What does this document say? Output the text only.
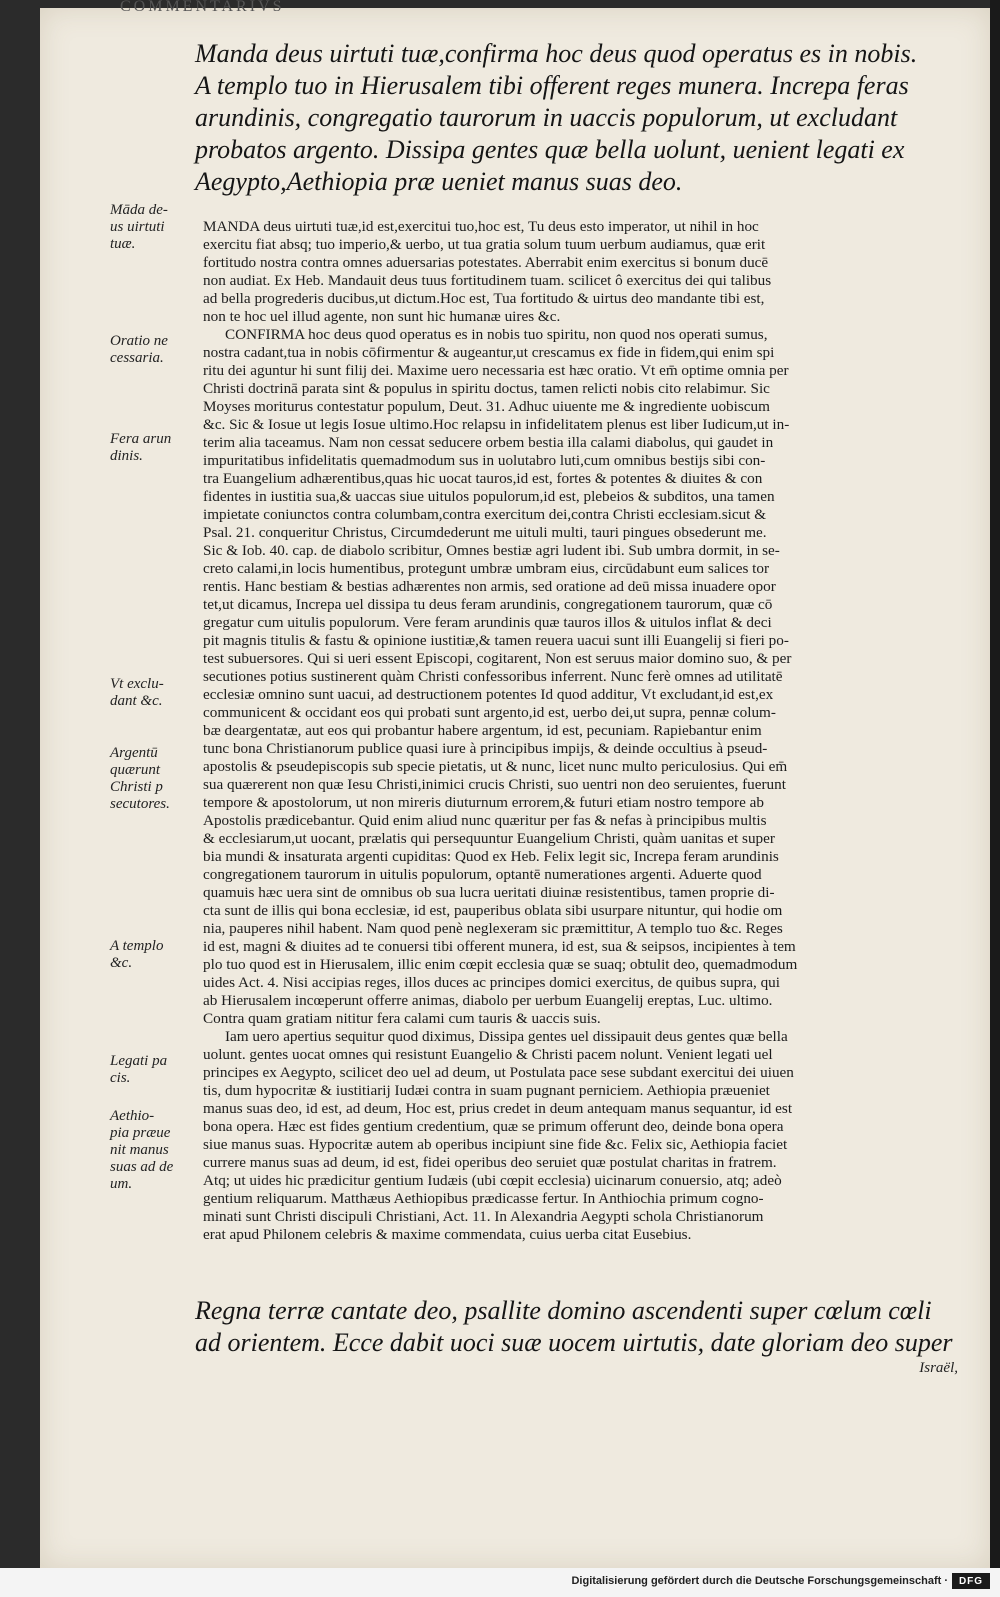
COMMENTARIVS
Manda deus uirtuti tuæ,confirma hoc deus quod operatus es in nobis.
A templo tuo in Hierusalem tibi offerent reges munera. Increpa feras
arundinis, congregatio taurorum in uaccis populorum, ut excludant
probatos argento. Dissipa gentes quæ bella uolunt, uenient legati ex
Aegypto,Aethiopia præ ueniet manus suas deo.
Māda de-
us uirtuti
tuæ.
Oratio ne
cessaria.
Fera arun
dinis.
Vt exclu-
dant &c.
Argentū
quærunt
Christi p
secutores.
A templo
&c.
Legati pa
cis.
Aethio-
pia præue
nit manus
suas ad de
um.
MANDA deus uirtuti tuæ,id est,exercitui tuo,hoc est, Tu deus esto imperator, ut nihil in hoc
exercitu fiat absq; tuo imperio,& uerbo, ut tua gratia solum tuum uerbum audiamus, quæ erit
fortitudo nostra contra omnes aduersarias potestates. Aberrabit enim exercitus si bonum ducē
non audiat. Ex Heb. Mandauit deus tuus fortitudinem tuam. scilicet ô exercitus dei qui talibus
ad bella progrederis ducibus,ut dictum.Hoc est, Tua fortitudo & uirtus deo mandante tibi est,
non te hoc uel illud agente, non sunt hic humanæ uires &c.
CONFIRMA hoc deus quod operatus es in nobis tuo spiritu, non quod nos operati sumus,
nostra cadant,tua in nobis cōfirmentur & augeantur,ut crescamus ex fide in fidem,qui enim spi
ritu dei aguntur hi sunt filij dei. Maxime uero necessaria est hæc oratio. Vt em̄ optime omnia per
Christi doctrinā parata sint & populus in spiritu doctus, tamen relicti nobis cito relabimur. Sic
Moyses moriturus contestatur populum, Deut. 31. Adhuc uiuente me & ingrediente uobiscum
&c. Sic & Iosue ut legis Iosue ultimo.Hoc relapsu in infidelitatem plenus est liber Iudicum,ut in-
terim alia taceamus. Nam non cessat seducere orbem bestia illa calami diabolus, qui gaudet in
impuritatibus infidelitatis quemadmodum sus in uolutabro luti,cum omnibus bestijs sibi con-
tra Euangelium adhærentibus,quas hic uocat tauros,id est, fortes & potentes & diuites & con
fidentes in iustitia sua,& uaccas siue uitulos populorum,id est, plebeios & subditos, una tamen
impietate coniunctos contra columbam,contra exercitum dei,contra Christi ecclesiam.sicut &
Psal. 21. conqueritur Christus, Circumdederunt me uituli multi, tauri pingues obsederunt me.
Sic & Iob. 40. cap. de diabolo scribitur, Omnes bestiæ agri ludent ibi. Sub umbra dormit, in se-
creto calami,in locis humentibus, protegunt umbræ umbram eius, circūdabunt eum salices tor
rentis. Hanc bestiam & bestias adhærentes non armis, sed oratione ad deū missa inuadere opor
tet,ut dicamus, Increpa uel dissipa tu deus feram arundinis, congregationem taurorum, quæ cō
gregatur cum uitulis populorum. Vere feram arundinis quæ tauros illos & uitulos inflat & deci
pit magnis titulis & fastu & opinione iustitiæ,& tamen reuera uacui sunt illi Euangelij si fieri po-
test subuersores. Qui si ueri essent Episcopi, cogitarent, Non est seruus maior domino suo, & per
secutiones potius sustinerent quàm Christi confessoribus inferrent. Nunc ferè omnes ad utilitatē
ecclesiæ omnino sunt uacui, ad destructionem potentes Id quod additur, Vt excludant,id est,ex
communicent & occidant eos qui probati sunt argento,id est, uerbo dei,ut supra, pennæ colum-
bæ deargentatæ, aut eos qui probantur habere argentum, id est, pecuniam. Rapiebantur enim
tunc bona Christianorum publice quasi iure à principibus impijs, & deinde occultius à pseud-
apostolis & pseudepiscopis sub specie pietatis, ut & nunc, licet nunc multo periculosius. Qui em̄
sua quærerent non quæ Iesu Christi,inimici crucis Christi, suo uentri non deo seruientes, fuerunt
tempore & apostolorum, ut non mireris diuturnum errorem,& futuri etiam nostro tempore ab
Apostolis prædicebantur. Quid enim aliud nunc quæritur per fas & nefas à principibus multis
& ecclesiarum,ut uocant, prælatis qui persequuntur Euangelium Christi, quàm uanitas et super
bia mundi & insaturata argenti cupiditas: Quod ex Heb. Felix legit sic, Increpa feram arundinis
congregationem taurorum in uitulis populorum, optantē numerationes argenti. Aduerte quod
quamuis hæc uera sint de omnibus ob sua lucra ueritati diuinæ resistentibus, tamen proprie di-
cta sunt de illis qui bona ecclesiæ, id est, pauperibus oblata sibi usurpare nituntur, qui hodie om
nia, pauperes nihil habent. Nam quod penè neglexeram sic præmittitur, A templo tuo &c. Reges
id est, magni & diuites ad te conuersi tibi offerent munera, id est, sua & seipsos, incipientes à tem
plo tuo quod est in Hierusalem, illic enim cœpit ecclesia quæ se suaq; obtulit deo, quemadmodum
uides Act. 4. Nisi accipias reges, illos duces ac principes domici exercitus, de quibus supra, qui
ab Hierusalem incœperunt offerre animas, diabolo per uerbum Euangelij ereptas, Luc. ultimo.
Contra quam gratiam nititur fera calami cum tauris & uaccis suis.
Iam uero apertius sequitur quod diximus, Dissipa gentes uel dissipauit deus gentes quæ bella
uolunt. gentes uocat omnes qui resistunt Euangelio & Christi pacem nolunt. Venient legati uel
principes ex Aegypto, scilicet deo uel ad deum, ut Postulata pace sese subdant exercitui dei uiuen
tis, dum hypocritæ & iustitiarij Iudæi contra in suam pugnant perniciem. Aethiopia præueniet
manus suas deo, id est, ad deum, Hoc est, prius credet in deum antequam manus sequantur, id est
bona opera. Hæc est fides gentium credentium, quæ se primum offerunt deo, deinde bona opera
siue manus suas. Hypocritæ autem ab operibus incipiunt sine fide &c. Felix sic, Aethiopia faciet
currere manus suas ad deum, id est, fidei operibus deo seruiet quæ postulat charitas in fratrem.
Atq; ut uides hic prædicitur gentium Iudæis (ubi cœpit ecclesia) uicinarum conuersio, atq; adeò
gentium reliquarum. Matthæus Aethiopibus prædicasse fertur. In Anthiochia primum cogno-
minati sunt Christi discipuli Christiani, Act. 11. In Alexandria Aegypti schola Christianorum
erat apud Philonem celebris & maxime commendata, cuius uerba citat Eusebius.
Regna terræ cantate deo, psallite domino ascendenti super cœlum cœli
ad orientem. Ecce dabit uoci suæ uocem uirtutis, date gloriam deo super
Israël,
Digitalisierung gefördert durch die Deutsche Forschungsgemeinschaft ·	DFG
